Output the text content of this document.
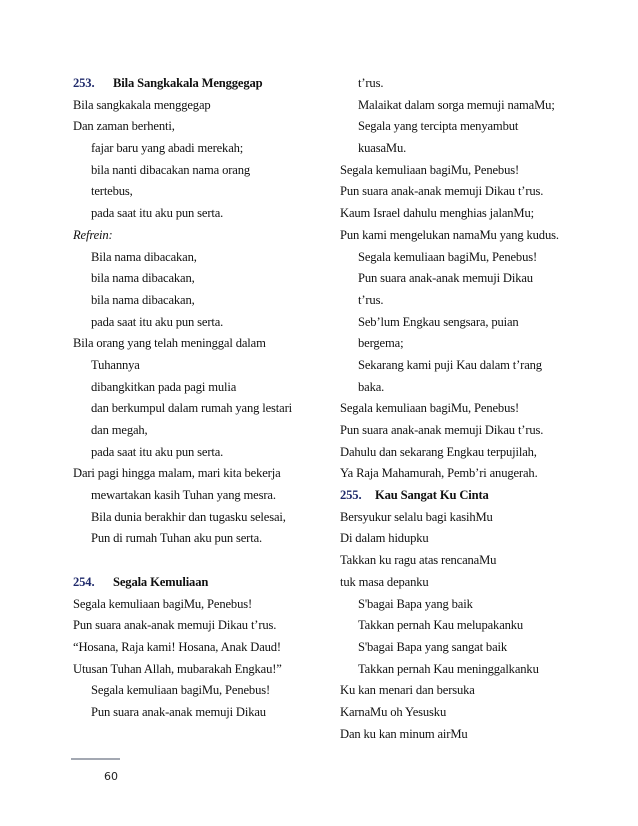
253. Bila Sangkakala Menggegap
Bila sangkakala menggegap
Dan zaman berhenti,
fajar baru yang abadi merekah;
bila nanti dibacakan nama orang
tertebus,
pada saat itu aku pun serta.
Refrein:
Bila nama dibacakan,
bila nama dibacakan,
bila nama dibacakan,
pada saat itu aku pun serta.
Bila orang yang telah meninggal dalam
Tuhannya
dibangkitkan pada pagi mulia
dan berkumpul dalam rumah yang lestari
dan megah,
pada saat itu aku pun serta.
Dari pagi hingga malam, mari kita bekerja
mewartakan kasih Tuhan yang mesra.
Bila dunia berakhir dan tugasku selesai,
Pun di rumah Tuhan aku pun serta.
254. Segala Kemuliaan
Segala kemuliaan bagiMu, Penebus!
Pun suara anak-anak memuji Dikau t’rus.
“Hosana, Raja kami! Hosana, Anak Daud!
Utusan Tuhan Allah, mubarakah Engkau!”
Segala kemuliaan bagiMu, Penebus!
Pun suara anak-anak memuji Dikau
t’rus.
Malaikat dalam sorga memuji namaMu;
Segala yang tercipta menyambut
kuasaMu.
Segala kemuliaan bagiMu, Penebus!
Pun suara anak-anak memuji Dikau t’rus.
Kaum Israel dahulu menghias jalanMu;
Pun kami mengelukan namaMu yang kudus.
Segala kemuliaan bagiMu, Penebus!
Pun suara anak-anak memuji Dikau
t’rus.
Seb’lum Engkau sengsara, puian
bergema;
Sekarang kami puji Kau dalam t’rang
baka.
Segala kemuliaan bagiMu, Penebus!
Pun suara anak-anak memuji Dikau t’rus.
Dahulu dan sekarang Engkau terpujilah,
Ya Raja Mahamurah, Pemb’ri anugerah.
255. Kau Sangat Ku Cinta
Bersyukur selalu bagi kasihMu
Di dalam hidupku
Takkan ku ragu atas rencanaMu
tuk masa depanku
S'bagai Bapa yang baik
Takkan pernah Kau melupakanku
S'bagai Bapa yang sangat baik
Takkan pernah Kau meninggalkanku
Ku kan menari dan bersuka
KarnaMu oh Yesusku
Dan ku kan minum airMu
60
